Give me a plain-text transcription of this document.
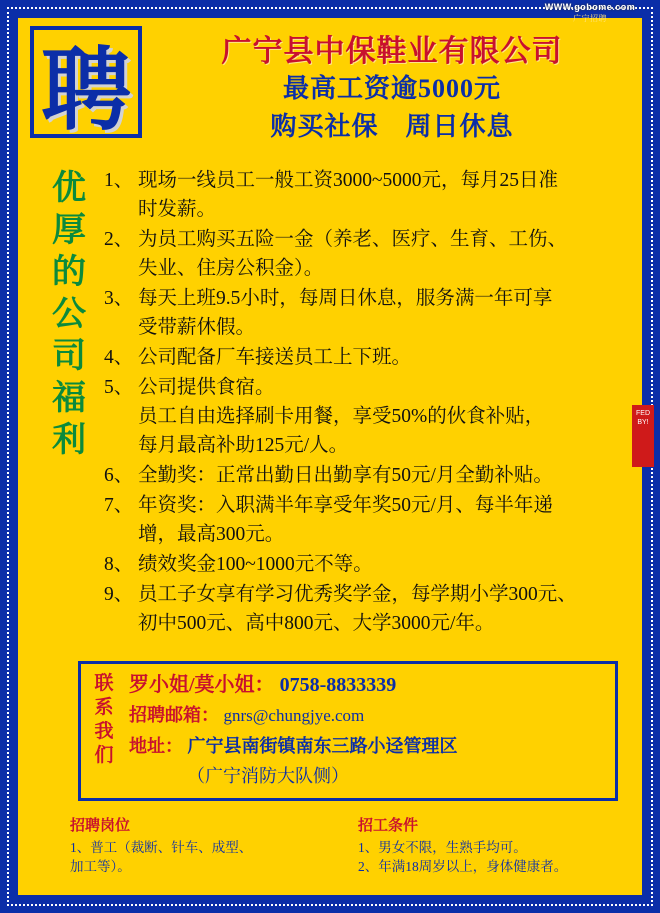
WWW.gobome.com
广宁招聘
FED
BY!
聘	广宁县中保鞋业有限公司
最高工资逾5000元
购买社保　周日休息
优
厚
的
公
司
福
利
1、 现场一线员工一般工资3000~5000元，每月25日准
时发薪。
2、 为员工购买五险一金（养老、医疗、生育、工伤、
失业、住房公积金）。
3、 每天上班9.5小时，每周日休息，服务满一年可享
受带薪休假。
4、 公司配备厂车接送员工上下班。
5、 公司提供食宿。
员工自由选择刷卡用餐，享受50%的伙食补贴，
每月最高补助125元/人。
6、 全勤奖：正常出勤日出勤享有50元/月全勤补贴。
7、 年资奖：入职满半年享受年奖50元/月、每半年递
增，最高300元。
8、 绩效奖金100~1000元不等。
9、 员工子女享有学习优秀奖学金，每学期小学300元、
初中500元、高中800元、大学3000元/年。
联
系
我
们
罗小姐/莫小姐： 0758-8833339
招聘邮箱： gnrs@chungjye.com
地址： 广宁县南街镇南东三路小迳管理区
（广宁消防大队侧）
招聘岗位
1、普工（裁断、针车、成型、
加工等）。
招工条件
1、男女不限，生熟手均可。
2、年满18周岁以上，身体健康者。
